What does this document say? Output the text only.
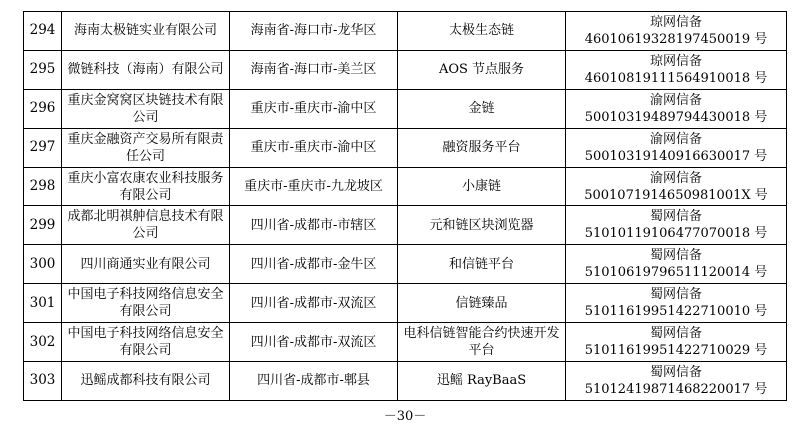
294	海南太极链实业有限公司	海南省-海口市-龙华区	太极生态链	琼网信备 46010619328197450019 号
295	微链科技（海南）有限公司	海南省-海口市-美兰区	AOS 节点服务	琼网信备 46010819111564910018 号
296	重庆金窝窝区块链技术有限公司	重庆市-重庆市-渝中区	金链	渝网信备 50010319489794430018 号
297	重庆金融资产交易所有限责任公司	重庆市-重庆市-渝中区	融资服务平台	渝网信备 50010319140916630017 号
298	重庆小富农康农业科技服务有限公司	重庆市-重庆市-九龙坡区	小康链	渝网信备 5001071914650981001X 号
299	成都北明祺舯信息技术有限公司	四川省-成都市-市辖区	元和链区块浏览器	蜀网信备 51010119106477070018 号
300	四川商通实业有限公司	四川省-成都市-金牛区	和信链平台	蜀网信备 51010619796511120014 号
301	中国电子科技网络信息安全有限公司	四川省-成都市-双流区	信链臻品	蜀网信备 51011619951422710010 号
302	中国电子科技网络信息安全有限公司	四川省-成都市-双流区	电科信链智能合约快速开发平台	蜀网信备 51011619951422710029 号
303	迅鳐成都科技有限公司	四川省-成都市-郫县	迅鳐 RayBaaS	蜀网信备 51012419871468220017 号
－30－
